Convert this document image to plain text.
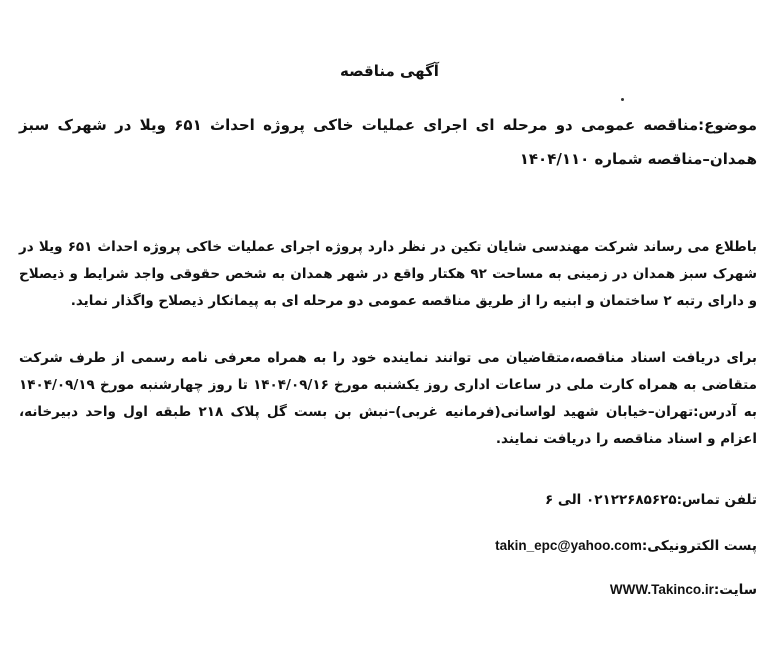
آگهی مناقصه
موضوع:مناقصه عمومی دو مرحله ای اجرای عملیات خاکی پروژه احداث ۶۵۱ ویلا در شهرک سبز همدان–مناقصه شماره ۱۴۰۴/۱۱۰
باطلاع می رساند شرکت مهندسی شایان تکین در نظر دارد پروژه اجرای عملیات خاکی پروژه احداث ۶۵۱ ویلا در شهرک سبز همدان در زمینی به مساحت ۹۲ هکتار واقع در شهر همدان به شخص حقوقی واجد شرایط و ذیصلاح و دارای رتبه ۲ ساختمان و ابنیه را از طریق مناقصه عمومی دو مرحله ای به پیمانکار ذیصلاح واگذار نماید.
برای دریافت اسناد مناقصه،متقاضیان می توانند نماینده خود را به همراه معرفی نامه رسمی از طرف شرکت متقاضی به همراه کارت ملی در ساعات اداری روز یکشنبه مورخ ۱۴۰۴/۰۹/۱۶ تا روز چهارشنبه مورخ ۱۴۰۴/۰۹/۱۹ به آدرس:تهران–خیابان شهید لواسانی(فرمانیه غربی)–نبش بن بست گل پلاک ۲۱۸ طبقه اول واحد دبیرخانه، اعزام و اسناد مناقصه را دریافت نمایند.
تلفن تماس:۰۲۱۲۲۶۸۵۶۲۵ الی ۶
پست الکترونیکی:takin_epc@yahoo.com
سایت:WWW.Takinco.ir
